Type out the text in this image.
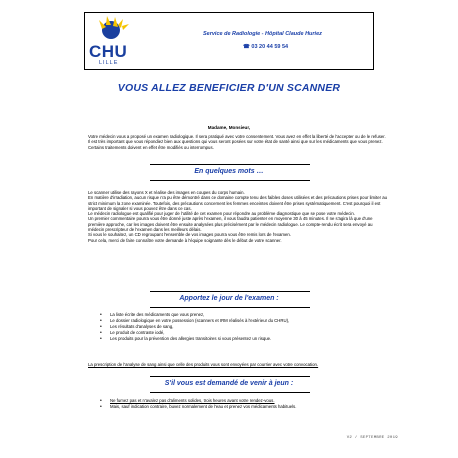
CHU
LILLE
Service de Radiologie - Hôpital Claude Huriez
☎ 03 20 44 59 54
VOUS ALLEZ BENEFICIER D'UN SCANNER
Madame, Monsieur,

Votre médecin vous a proposé un examen radiologique. Il sera pratiqué avec votre consentement. Vous avez en effet la liberté de l'accepter ou de le refuser.

Il est très important que vous répondiez bien aux questions qui vous seront posées sur votre état de santé ainsi que sur les médicaments que vous prenez. Certains traitements doivent en effet être modifiés ou interrompus.

En quelques mots …

Le scanner utilise des rayons X et réalise des images en coupes du corps humain.

En matière d'irradiation, aucun risque n'a pu être démontré dans ce domaine compte tenu des faibles doses utilisées et des précautions prises pour limiter au strict minimum la zone examinée. Toutefois, des précautions concernent les femmes enceintes doivent être prises systématiquement. C'est pourquoi il est important de signaler si vous pouvez être dans ce cas.

Le médecin radiologue est qualifié pour juger de l'utilité de cet examen pour répondre au problème diagnostique que se pose votre médecin.

Un premier commentaire pourra vous être donné juste après l'examen, il vous faudra patienter en moyenne 30 à 45 minutes. Il ne s'agira là que d'une première approche, car les images doivent être ensuite analysées plus précisément par le médecin radiologue. Le compte-rendu écrit sera envoyé au médecin prescripteur de l'examen dans les meilleurs délais.

Si vous le souhaitez, un CD regroupant l'ensemble de vos images pourra vous être remis lors de l'examen.

Pour cela, merci de faire connaître votre demande à l'équipe soignante dès le début de votre scanner.

Apportez le jour de l'examen :
• La liste écrite des médicaments que vous prenez,
• Le dossier radiologique en votre possession (scanners et IRM réalisés à l'extérieur du CHRU),
• Les résultats d'analyses de sang,
• Le produit de contraste iodé,
• Les produits pour la prévention des allergies transitoires si vous présentez un risque.
La prescription de l'analyse de sang ainsi que celle des produits vous sont envoyées par courrier avec votre convocation.
S'il vous est demandé de venir à jeun :
• Ne fumez pas et n'avalez pas d'aliments solides, trois heures avant votre rendez-vous.
• Mais, sauf indication contraire, buvez normalement de l'eau et prenez vos médicaments habituels.
V2 / SEPTEMBRE 2019
